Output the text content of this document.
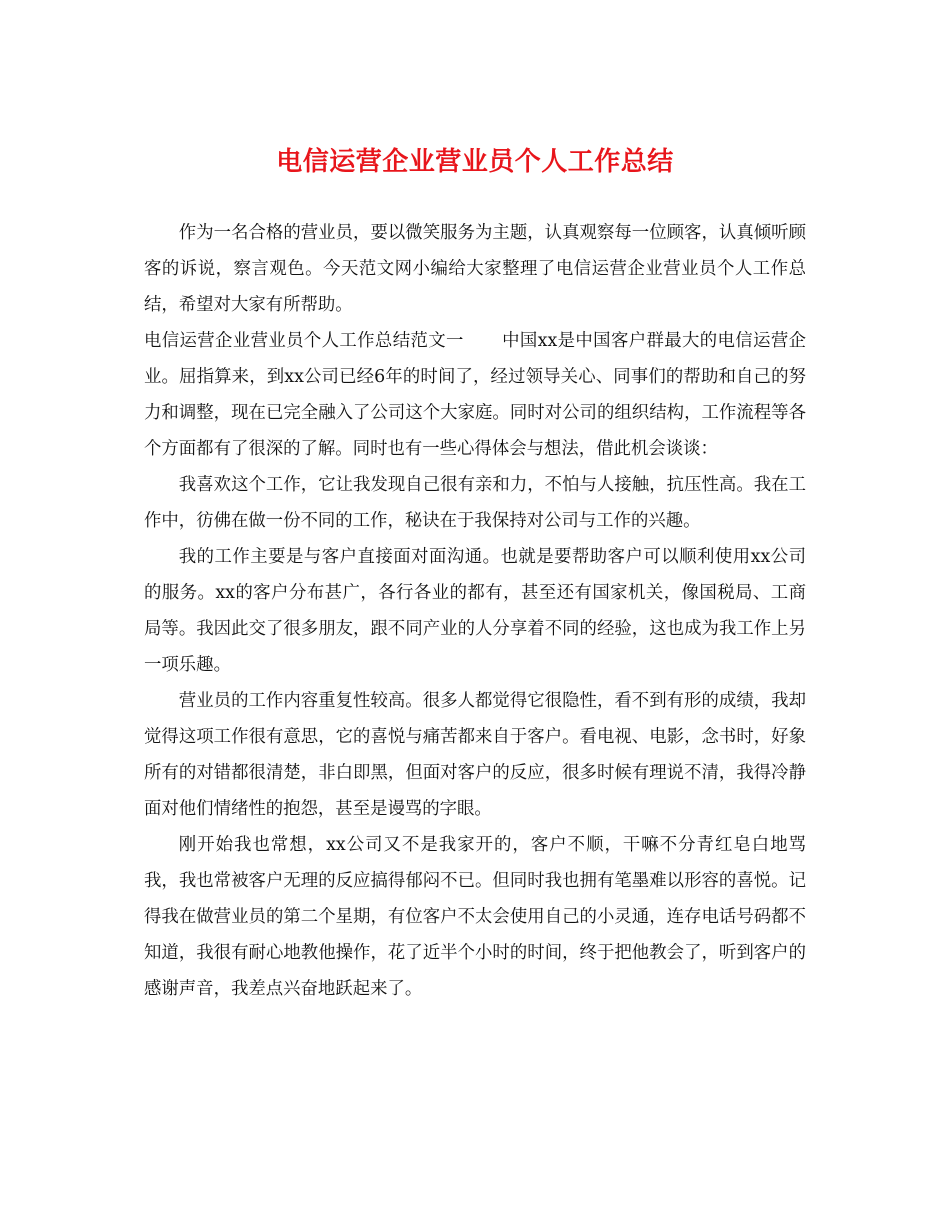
电信运营企业营业员个人工作总结

作为一名合格的营业员，要以微笑服务为主题，认真观察每一位顾客，认真倾听顾客的诉说，察言观色。今天范文网小编给大家整理了电信运营企业营业员个人工作总结，希望对大家有所帮助。

电信运营企业营业员个人工作总结范文一 中国xx是中国客户群最大的电信运营企业。屈指算来，到xx公司已经6年的时间了，经过领导关心、同事们的帮助和自己的努力和调整，现在已完全融入了公司这个大家庭。同时对公司的组织结构，工作流程等各个方面都有了很深的了解。同时也有一些心得体会与想法，借此机会谈谈：

我喜欢这个工作，它让我发现自己很有亲和力，不怕与人接触，抗压性高。我在工作中，彷佛在做一份不同的工作，秘诀在于我保持对公司与工作的兴趣。

我的工作主要是与客户直接面对面沟通。也就是要帮助客户可以顺利使用xx公司的服务。xx的客户分布甚广，各行各业的都有，甚至还有国家机关，像国税局、工商局等。我因此交了很多朋友，跟不同产业的人分享着不同的经验，这也成为我工作上另一项乐趣。

营业员的工作内容重复性较高。很多人都觉得它很隐性，看不到有形的成绩，我却觉得这项工作很有意思，它的喜悦与痛苦都来自于客户。看电视、电影，念书时，好象所有的对错都很清楚，非白即黑，但面对客户的反应，很多时候有理说不清，我得冷静面对他们情绪性的抱怨，甚至是谩骂的字眼。

刚开始我也常想，xx公司又不是我家开的，客户不顺，干嘛不分青红皂白地骂我，我也常被客户无理的反应搞得郁闷不已。但同时我也拥有笔墨难以形容的喜悦。记得我在做营业员的第二个星期，有位客户不太会使用自己的小灵通，连存电话号码都不知道，我很有耐心地教他操作，花了近半个小时的时间，终于把他教会了，听到客户的感谢声音，我差点兴奋地跃起来了。
